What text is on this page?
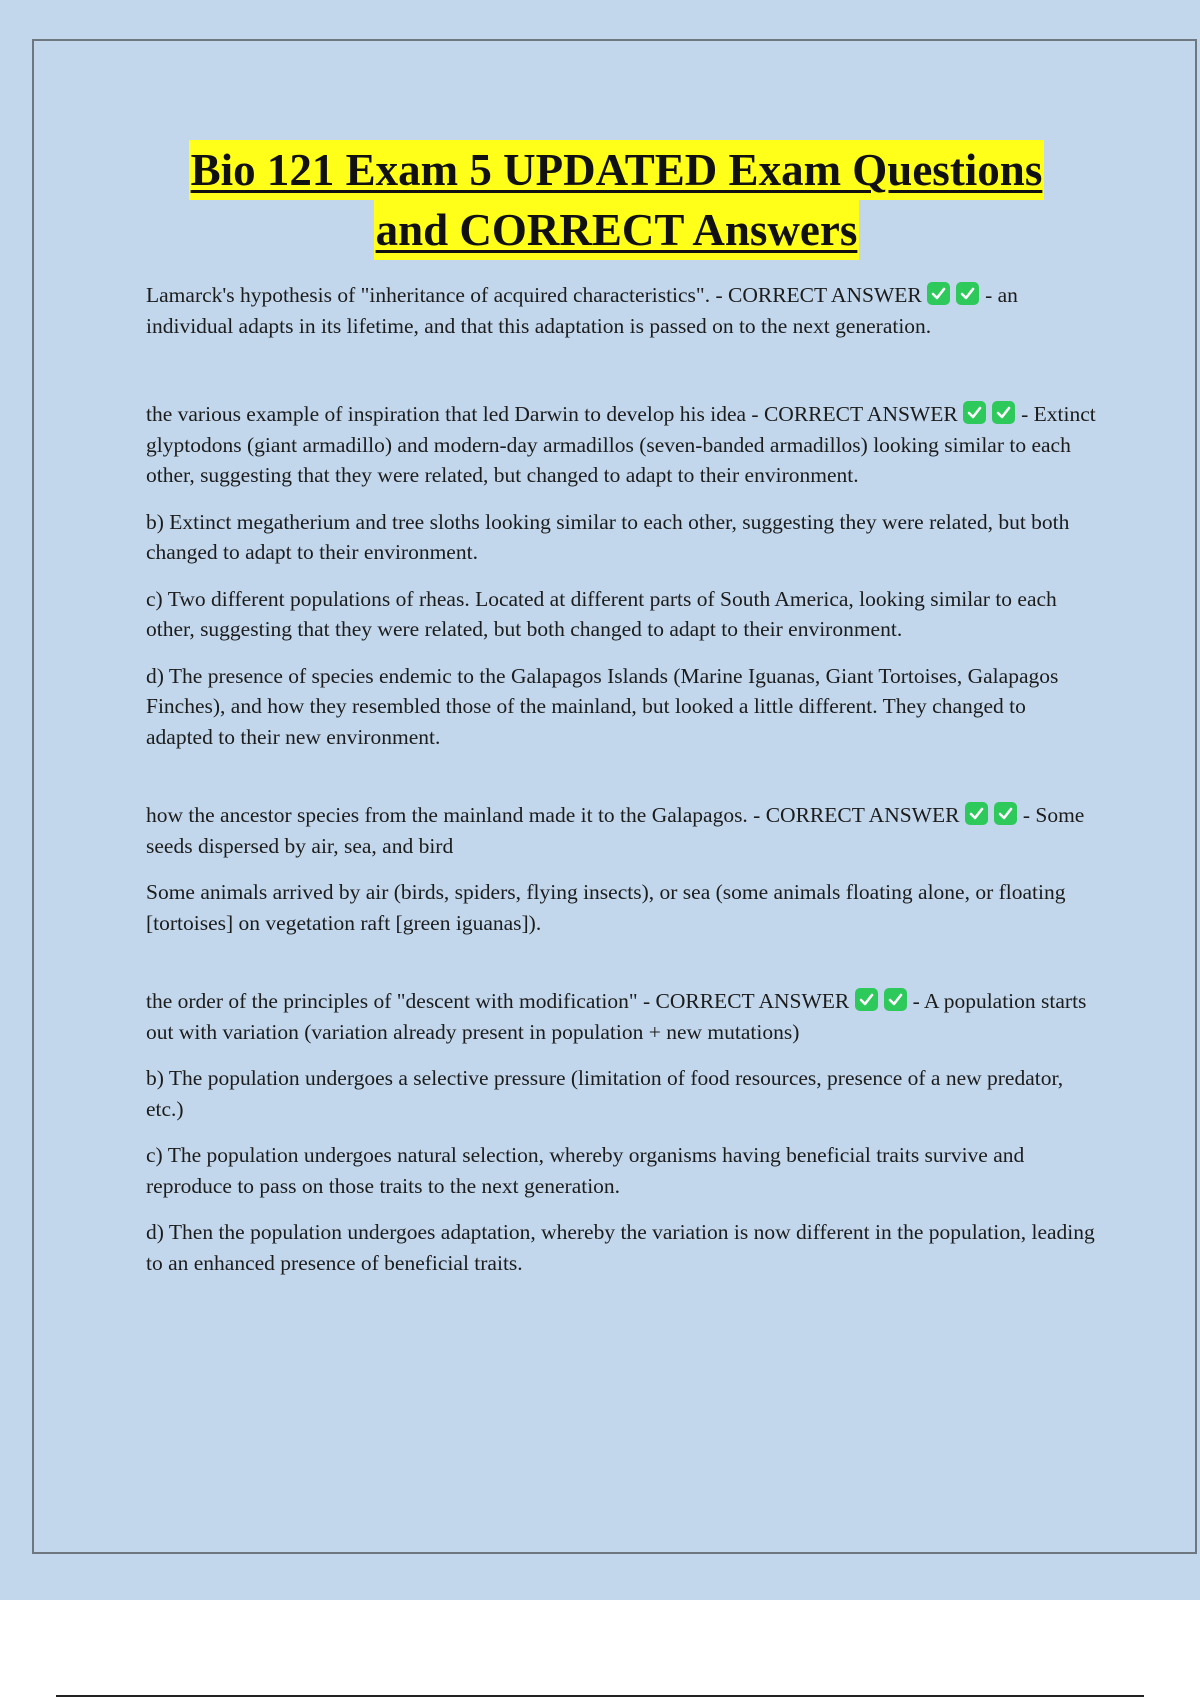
Bio 121 Exam 5 UPDATED Exam Questions
and CORRECT Answers

Lamarck's hypothesis of "inheritance of acquired characteristics". - CORRECT ANSWER	- an individual adapts in its lifetime, and that this adaptation is passed on to the next generation.

the various example of inspiration that led Darwin to develop his idea - CORRECT ANSWER	- Extinct glyptodons (giant armadillo) and modern-day armadillos (seven-banded armadillos) looking similar to each other, suggesting that they were related, but changed to adapt to their environment.

b) Extinct megatherium and tree sloths looking similar to each other, suggesting they were related, but both changed to adapt to their environment.

c) Two different populations of rheas. Located at different parts of South America, looking similar to each other, suggesting that they were related, but both changed to adapt to their environment.

d) The presence of species endemic to the Galapagos Islands (Marine Iguanas, Giant Tortoises, Galapagos Finches), and how they resembled those of the mainland, but looked a little different. They changed to adapted to their new environment.

how the ancestor species from the mainland made it to the Galapagos. - CORRECT ANSWER	- Some seeds dispersed by air, sea, and bird

Some animals arrived by air (birds, spiders, flying insects), or sea (some animals floating alone, or floating [tortoises] on vegetation raft [green iguanas]).

the order of the principles of "descent with modification" - CORRECT ANSWER	- A population starts out with variation (variation already present in population + new mutations)

b) The population undergoes a selective pressure (limitation of food resources, presence of a new predator, etc.)

c) The population undergoes natural selection, whereby organisms having beneficial traits survive and reproduce to pass on those traits to the next generation.

d) Then the population undergoes adaptation, whereby the variation is now different in the population, leading to an enhanced presence of beneficial traits.
